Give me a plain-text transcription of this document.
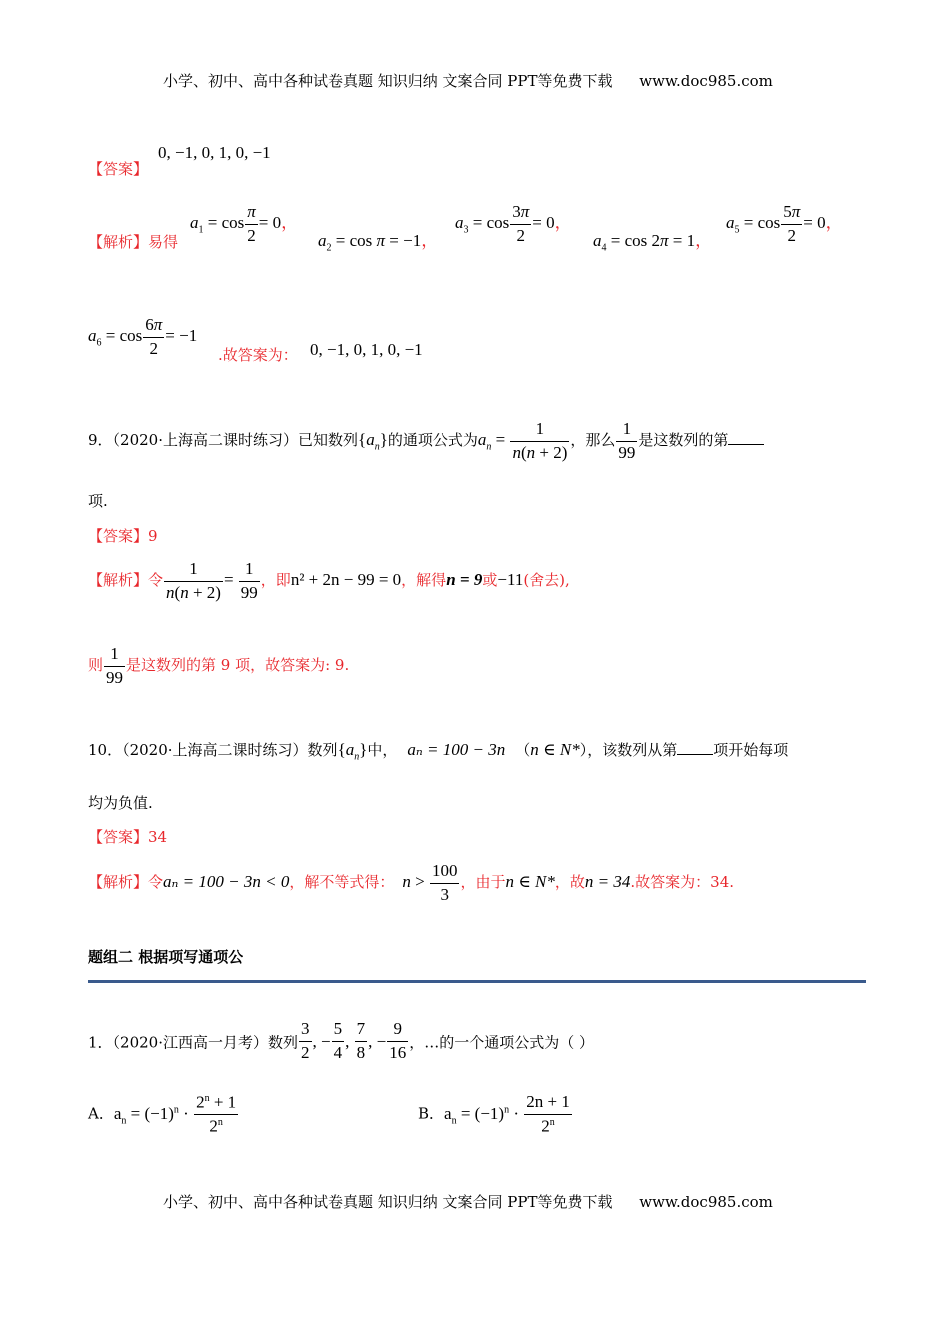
小学、初中、高中各种试卷真题 知识归纳 文案合同 PPT等免费下载 www.doc985.com
【答案】
0, −1, 0, 1, 0, −1
【解析】易得
$a_1 = \cos \frac{\pi}{2} = 0$，
$a_2 = \cos \pi = -1$，
$a_3 = \cos \frac{3\pi}{2} = 0$，
$a_4 = \cos 2\pi = 1$，
$a_5 = \cos \frac{5\pi}{2} = 0$，
$a_6 = \cos \frac{6\pi}{2} = -1$
.故答案为： 0, −1, 0, 1, 0, −1
9．（2020·上海高二课时练习）已知数列$\{a_n\}$的通项公式为$a_n = \frac{1}{n(n + 2)}$ ，那么 $\frac{1}{99}$ 是这数列的第
项.
【答案】9
【解析】令 $\frac{1}{n(n + 2)} = \frac{1}{99}$ ，即n² + 2n − 99 = 0，解得n = 9或−11(舍去),
则 $\frac{1}{99}$ 是这数列的第 9 项，故答案为: 9.
10．（2020·上海高二课时练习）数列$\{a_n\}$中， aₙ = 100 − 3n （n ∈ N*），该数列从第 项开始每项
均为负值.
【答案】34
【解析】令aₙ = 100 − 3n < 0，解不等式得： $n > \frac{100}{3}$ ，由于n ∈ N*，故n = 34.故答案为：34.
题组二 根据项写通项公
1．（2020·江西高一月考）数列 $\frac{3}{2}$ , − $\frac{5}{4}$ , $\frac{7}{8}$ , − $\frac{9}{16}$ ，…的一个通项公式为（ ）
A．$a_n = (-1)^n \cdot \frac{2^n + 1}{2^n}$	B．$a_n = (-1)^n \cdot \frac{2n + 1}{2^n}$
小学、初中、高中各种试卷真题 知识归纳 文案合同 PPT等免费下载 www.doc985.com
